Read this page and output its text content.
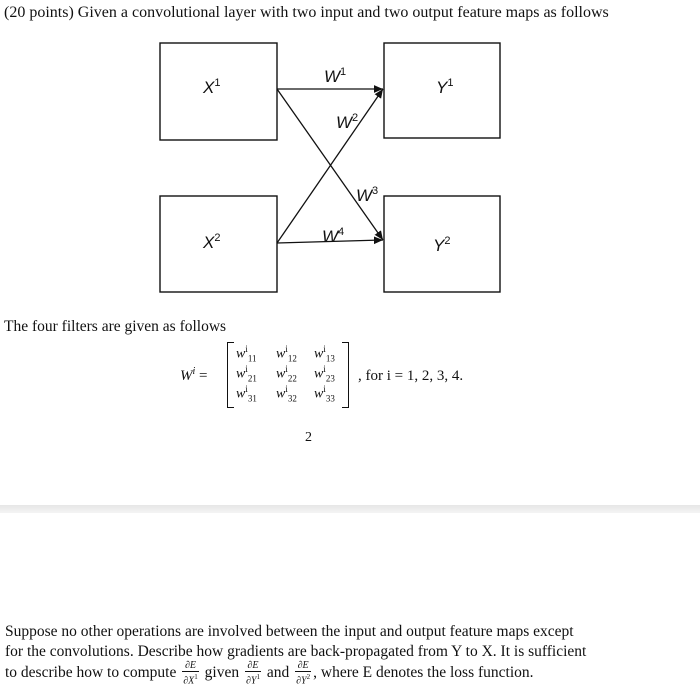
(20 points) Given a convolutional layer with two input and two output feature maps as follows
$X^1$
$X^2$
$Y^1$
$Y^2$
$W^1$
$W^2$
$W^3$
$W^4$
The four filters are given as follows
$W^i$ =
$w^i_{11}$ $w^i_{12}$ $w^i_{13}$
$w^i_{21}$ $w^i_{22}$ $w^i_{23}$
$w^i_{31}$ $w^i_{32}$ $w^i_{33}$
, for i = 1, 2, 3, 4.
2
Suppose no other operations are involved between the input and output feature maps except
for the convolutions. Describe how gradients are back-propagated from Y to X. It is sufficient
to describe how to compute $\frac{\partial E}{\partial X^1}$ given $\frac{\partial E}{\partial Y^1}$ and $\frac{\partial E}{\partial Y^2}$ , where E denotes the loss function.
